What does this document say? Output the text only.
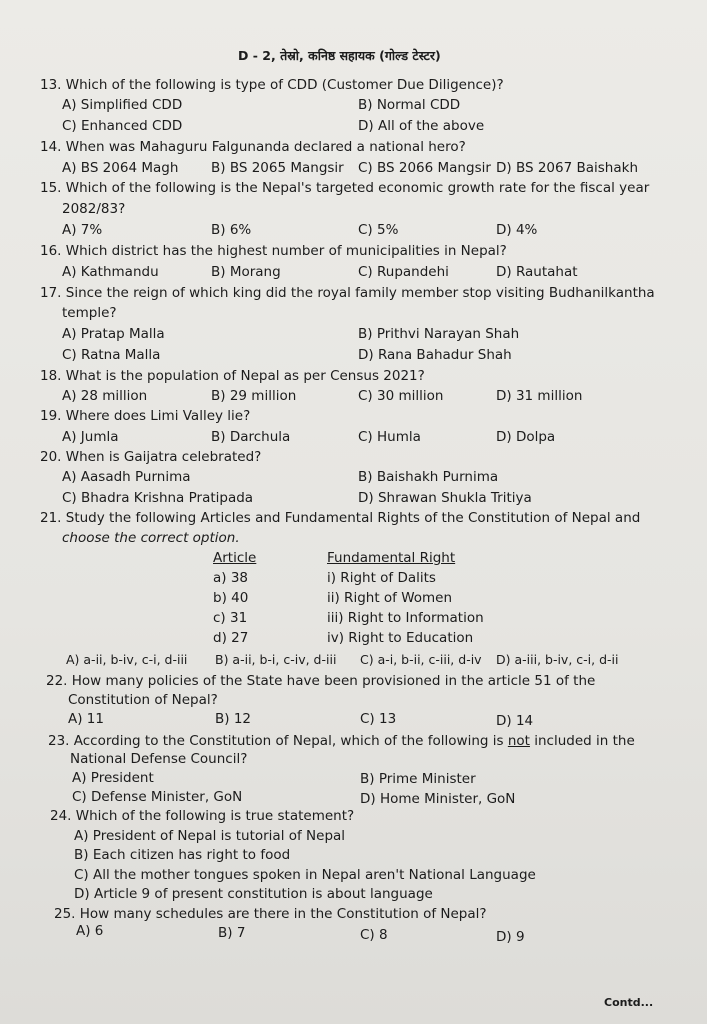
D - 2, तेस्रो, कनिष्ठ सहायक (गोल्ड टेस्टर)
13. Which of the following is type of CDD (Customer Due Diligence)?
A) Simplified CDD	B) Normal CDD
C) Enhanced CDD	D) All of the above
14. When was Mahaguru Falgunanda declared a national hero?
A) BS 2064 Magh B) BS 2065 Mangsir C) BS 2066 Mangsir D) BS 2067 Baishakh
15. Which of the following is the Nepal's targeted economic growth rate for the fiscal year
2082/83?
A) 7%	B) 6%	C) 5%	D) 4%
16. Which district has the highest number of municipalities in Nepal?
A) Kathmandu	B) Morang	C) Rupandehi	D) Rautahat
17. Since the reign of which king did the royal family member stop visiting Budhanilkantha
temple?
A) Pratap Malla	B) Prithvi Narayan Shah
C) Ratna Malla	D) Rana Bahadur Shah
18. What is the population of Nepal as per Census 2021?
A) 28 million	B) 29 million	C) 30 million	D) 31 million
19. Where does Limi Valley lie?
A) Jumla	B) Darchula	C) Humla	D) Dolpa
20. When is Gaijatra celebrated?
A) Aasadh Purnima	B) Baishakh Purnima
C) Bhadra Krishna Pratipada	D) Shrawan Shukla Tritiya
21. Study the following Articles and Fundamental Rights of the Constitution of Nepal and
choose the correct option.
Article	Fundamental Right
a) 38	i) Right of Dalits
b) 40	ii) Right of Women
c) 31	iii) Right to Information
d) 27	iv) Right to Education
A) a-ii, b-iv, c-i, d-iii B) a-ii, b-i, c-iv, d-iii C) a-i, b-ii, c-iii, d-iv D) a-iii, b-iv, c-i, d-ii
22. How many policies of the State have been provisioned in the article 51 of the
Constitution of Nepal?
A) 11	B) 12	C) 13	D) 14
23. According to the Constitution of Nepal, which of the following is not included in the
National Defense Council?
A) President	B) Prime Minister
C) Defense Minister, GoN	D) Home Minister, GoN
24. Which of the following is true statement?
A) President of Nepal is tutorial of Nepal
B) Each citizen has right to food
C) All the mother tongues spoken in Nepal aren't National Language
D) Article 9 of present constitution is about language
25. How many schedules are there in the Constitution of Nepal?
A) 6	B) 7	C) 8	D) 9
Contd...
